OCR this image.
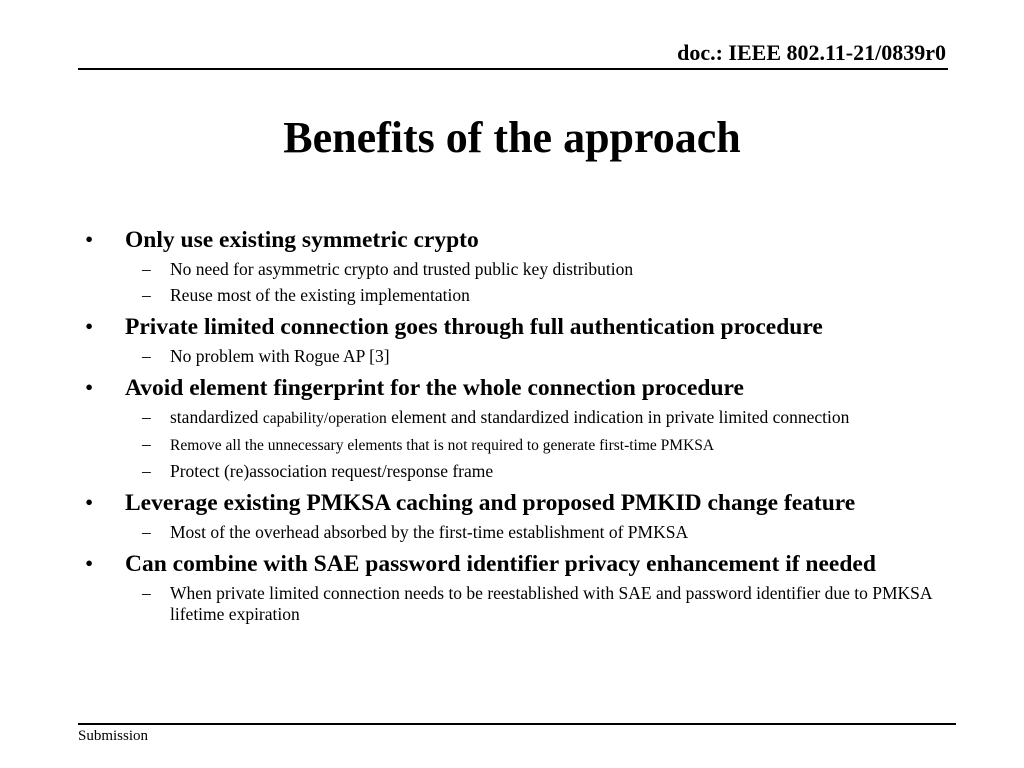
doc.: IEEE 802.11-21/0839r0
Benefits of the approach
• Only use existing symmetric crypto
– No need for asymmetric crypto and trusted public key distribution
– Reuse most of the existing implementation
• Private limited connection goes through full authentication procedure
– No problem with Rogue AP [3]
• Avoid element fingerprint for the whole connection procedure
– standardized capability/operation element and standardized indication in private limited connection
– Remove all the unnecessary elements that is not required to generate first-time PMKSA
– Protect (re)association request/response frame
• Leverage existing PMKSA caching and proposed PMKID change feature
– Most of the overhead absorbed by the first-time establishment of PMKSA
• Can combine with SAE password identifier privacy enhancement if needed
– When private limited connection needs to be reestablished with SAE and password identifier due to PMKSA lifetime expiration
Submission
